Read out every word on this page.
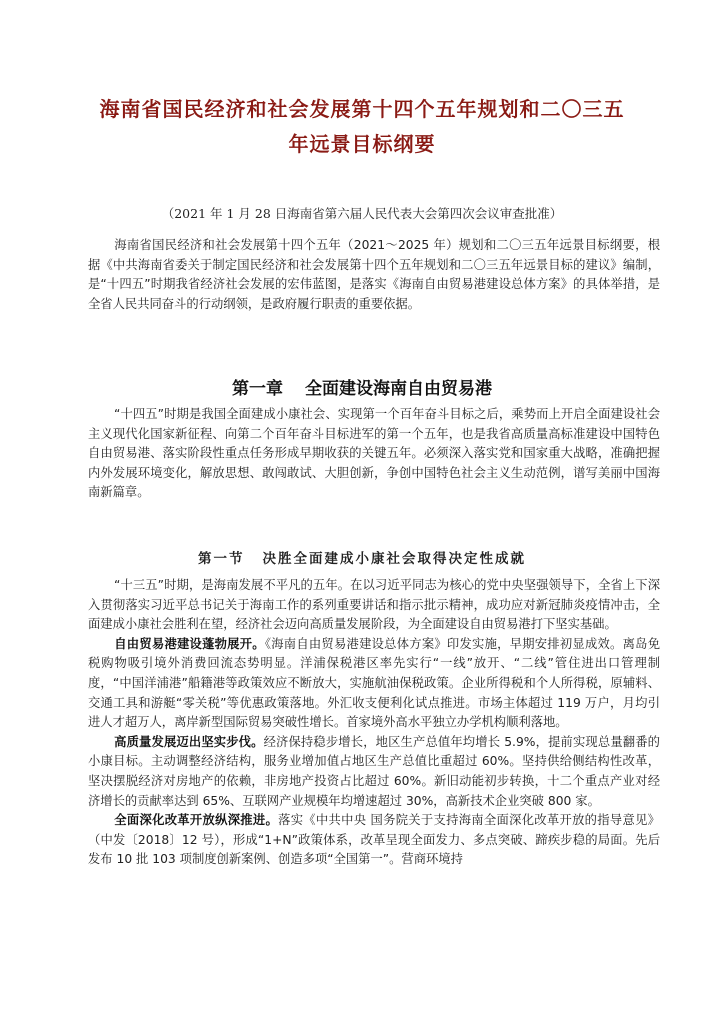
海南省国民经济和社会发展第十四个五年规划和二〇三五
年远景目标纲要
（2021 年 1 月 28 日海南省第六届人民代表大会第四次会议审查批准）

海南省国民经济和社会发展第十四个五年（2021～2025 年）规划和二〇三五年远景目标纲要，根据《中共海南省委关于制定国民经济和社会发展第十四个五年规划和二〇三五年远景目标的建议》编制，是“十四五”时期我省经济社会发展的宏伟蓝图，是落实《海南自由贸易港建设总体方案》的具体举措，是全省人民共同奋斗的行动纲领，是政府履行职责的重要依据。

第一章 全面建设海南自由贸易港

“十四五”时期是我国全面建成小康社会、实现第一个百年奋斗目标之后，乘势而上开启全面建设社会主义现代化国家新征程、向第二个百年奋斗目标进军的第一个五年，也是我省高质量高标准建设中国特色自由贸易港、落实阶段性重点任务形成早期收获的关键五年。必须深入落实党和国家重大战略，准确把握内外发展环境变化，解放思想、敢闯敢试、大胆创新，争创中国特色社会主义生动范例，谱写美丽中国海南新篇章。

第一节 决胜全面建成小康社会取得决定性成就

“十三五”时期，是海南发展不平凡的五年。在以习近平同志为核心的党中央坚强领导下，全省上下深入贯彻落实习近平总书记关于海南工作的系列重要讲话和指示批示精神，成功应对新冠肺炎疫情冲击，全面建成小康社会胜利在望，经济社会迈向高质量发展阶段，为全面建设自由贸易港打下坚实基础。

自由贸易港建设蓬勃展开。《海南自由贸易港建设总体方案》印发实施，早期安排初显成效。离岛免税购物吸引境外消费回流态势明显。洋浦保税港区率先实行“一线”放开、“二线”管住进出口管理制度，“中国洋浦港”船籍港等政策效应不断放大，实施航油保税政策。企业所得税和个人所得税，原辅料、交通工具和游艇“零关税”等优惠政策落地。外汇收支便利化试点推进。市场主体超过 119 万户，月均引进人才超万人，离岸新型国际贸易突破性增长。首家境外高水平独立办学机构顺利落地。

高质量发展迈出坚实步伐。经济保持稳步增长，地区生产总值年均增长 5.9%，提前实现总量翻番的小康目标。主动调整经济结构，服务业增加值占地区生产总值比重超过 60%。坚持供给侧结构性改革，坚决摆脱经济对房地产的依赖，非房地产投资占比超过 60%。新旧动能初步转换，十二个重点产业对经济增长的贡献率达到 65%、互联网产业规模年均增速超过 30%，高新技术企业突破 800 家。

全面深化改革开放纵深推进。落实《中共中央 国务院关于支持海南全面深化改革开放的指导意见》（中发〔2018〕12 号），形成“1+N”政策体系，改革呈现全面发力、多点突破、蹄疾步稳的局面。先后发布 10 批 103 项制度创新案例、创造多项“全国第一”。营商环境持
